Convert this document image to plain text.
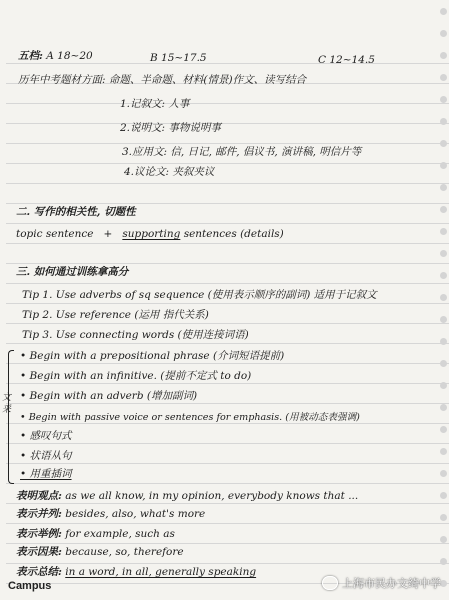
五档: A 18~20	B 15~17.5	C 12~14.5
历年中考题材方面: 命题、半命题、材料(情景)作文、读写结合
1.记叙文: 人事
2.说明文: 事物说明事
3.应用文: 信, 日记, 邮件, 倡议书, 演讲稿, 明信片等
4.议论文: 夹叙夹议
二. 写作的相关性, 切题性
topic sentence + supporting sentences (details)
三. 如何通过训练拿高分
Tip 1. Use adverbs of sq sequence (使用表示顺序的副词) 适用于记叙文
Tip 2. Use reference (运用 指代关系)
Tip 3. Use connecting words (使用连接词语)
文采
• Begin with a prepositional phrase (介词短语提前)
• Begin with an infinitive. (提前不定式 to do)
• Begin with an adverb (增加副词)
• Begin with passive voice or sentences for emphasis. (用被动态表强调)
• 感叹句式
• 状语从句
• 用重插词
表明观点: as we all know, in my opinion, everybody knows that ...
表示并列: besides, also, what's more
表示举例: for example, such as
表示因果: because, so, therefore
表示总结: in a word, in all, generally speaking
Campus	上海市民办文绮中学
